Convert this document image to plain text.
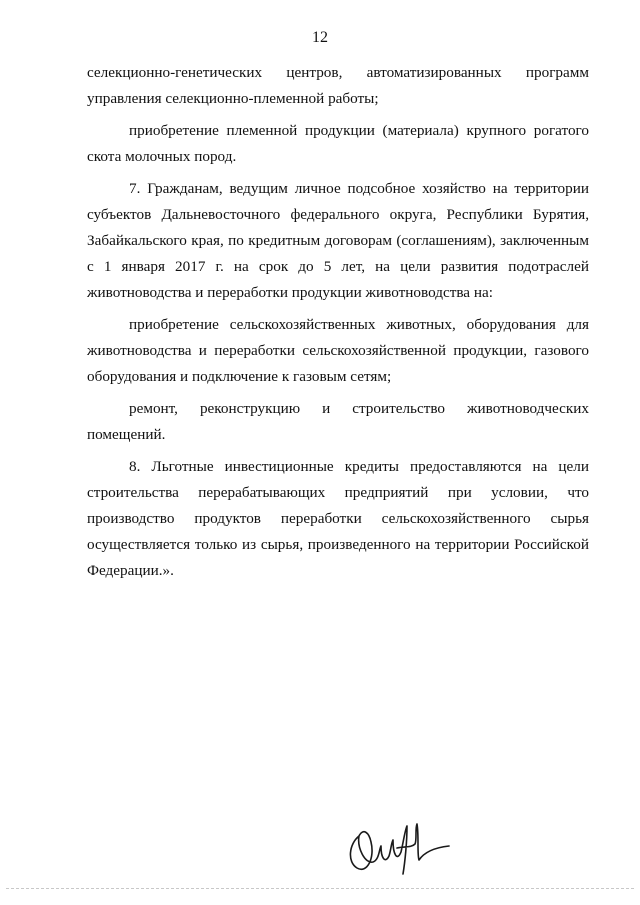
12
селекционно-генетических центров, автоматизированных программ
управления селекционно-племенной работы;
приобретение племенной продукции (материала) крупного рогатого
скота молочных пород.
7. Гражданам, ведущим личное подсобное хозяйство на территории
субъектов Дальневосточного федерального округа, Республики Бурятия,
Забайкальского края, по кредитным договорам (соглашениям), заключенным
с 1 января 2017 г. на срок до 5 лет, на цели развития подотраслей
животноводства и переработки продукции животноводства на:
приобретение сельскохозяйственных животных, оборудования для
животноводства и переработки сельскохозяйственной продукции, газового
оборудования и подключение к газовым сетям;
ремонт, реконструкцию и строительство животноводческих
помещений.
8. Льготные инвестиционные кредиты предоставляются на цели
строительства перерабатывающих предприятий при условии, что
производство продуктов переработки сельскохозяйственного сырья
осуществляется только из сырья, произведенного на территории Российской
Федерации.».
